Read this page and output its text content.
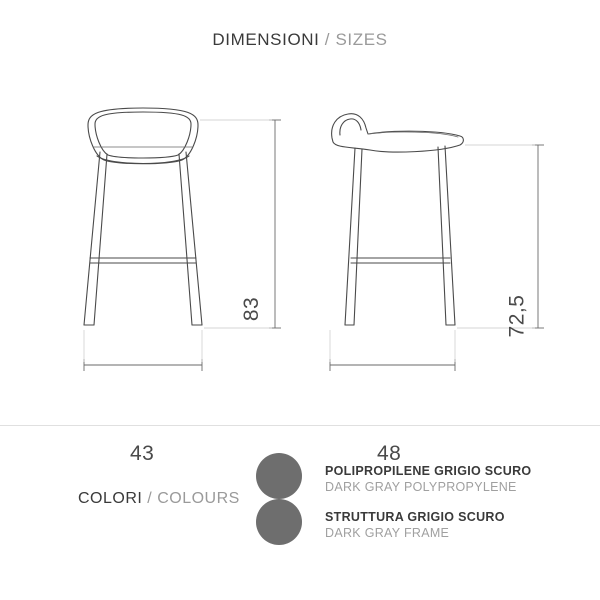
DIMENSIONI / SIZES
83	72,5
43	48
COLORI / COLOURS
POLIPROPILENE GRIGIO SCURO
DARK GRAY POLYPROPYLENE
STRUTTURA GRIGIO SCURO
DARK GRAY FRAME
